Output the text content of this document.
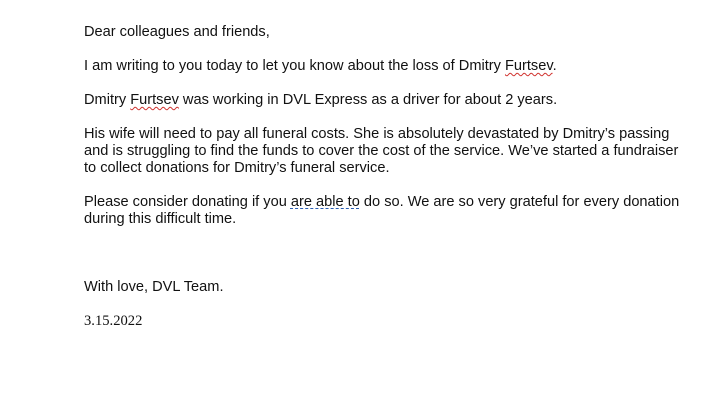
Dear colleagues and friends,

I am writing to you today to let you know about the loss of Dmitry Furtsev.

Dmitry Furtsev was working in DVL Express as a driver for about 2 years.

His wife will need to pay all funeral costs. She is absolutely devastated by Dmitry’s passing and is struggling to find the funds to cover the cost of the service. We’ve started a fundraiser to collect donations for Dmitry’s funeral service.

Please consider donating if you are able to do so. We are so very grateful for every donation during this difficult time.

With love, DVL Team.

3.15.2022
